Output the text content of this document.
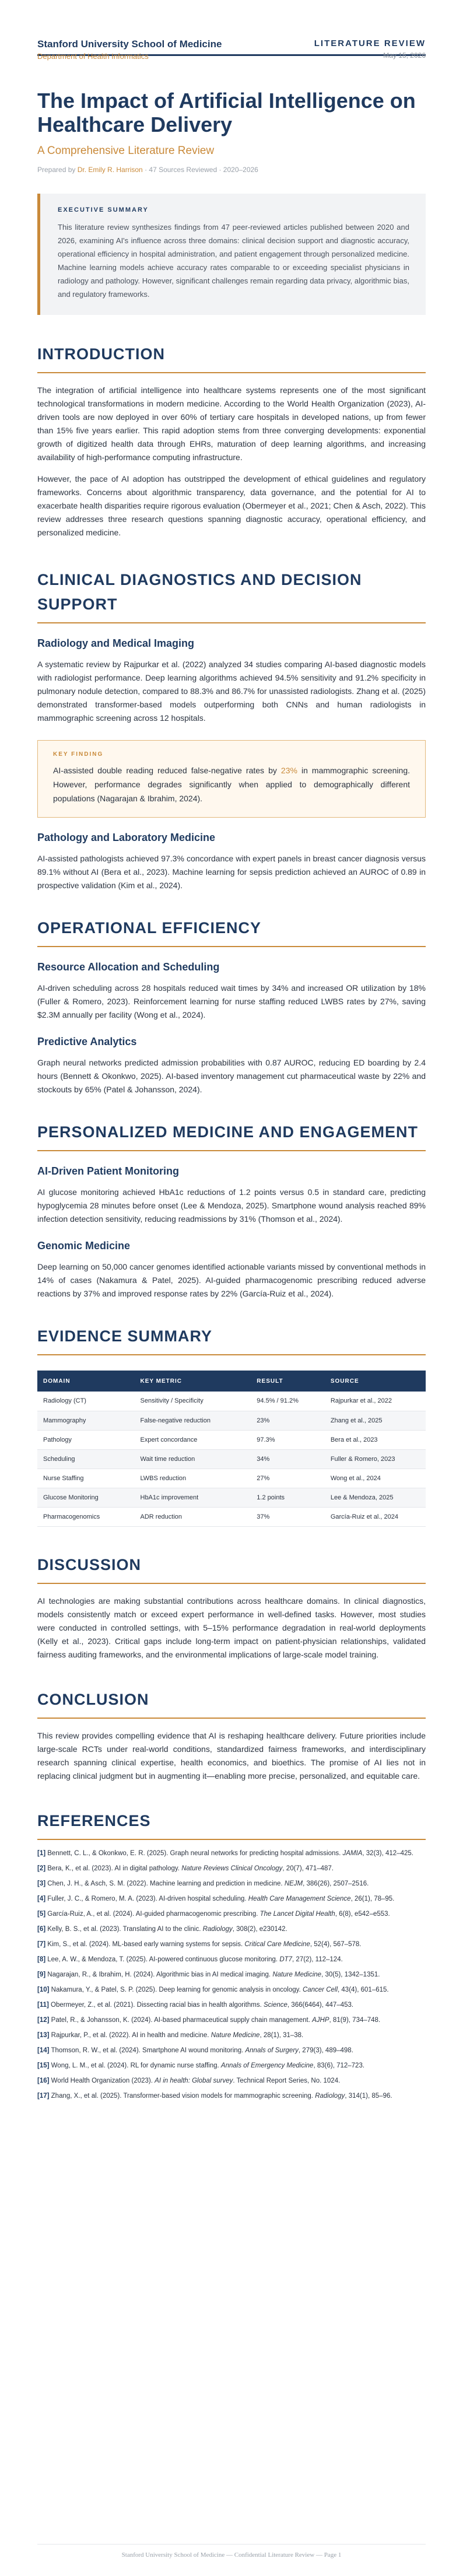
Stanford University School of Medicine
Department of Health Informatics
LITERATURE REVIEW
May 15, 2026
The Impact of Artificial Intelligence on Healthcare Delivery
A Comprehensive Literature Review
Prepared by Dr. Emily R. Harrison · 47 Sources Reviewed · 2020–2026
EXECUTIVE SUMMARY

This literature review synthesizes findings from 47 peer-reviewed articles published between 2020 and 2026, examining AI's influence across three domains: clinical decision support and diagnostic accuracy, operational efficiency in hospital administration, and patient engagement through personalized medicine. Machine learning models achieve accuracy rates comparable to or exceeding specialist physicians in radiology and pathology. However, significant challenges remain regarding data privacy, algorithmic bias, and regulatory frameworks.

INTRODUCTION

The integration of artificial intelligence into healthcare systems represents one of the most significant technological transformations in modern medicine. According to the World Health Organization (2023), AI-driven tools are now deployed in over 60% of tertiary care hospitals in developed nations, up from fewer than 15% five years earlier. This rapid adoption stems from three converging developments: exponential growth of digitized health data through EHRs, maturation of deep learning algorithms, and increasing availability of high-performance computing infrastructure.

However, the pace of AI adoption has outstripped the development of ethical guidelines and regulatory frameworks. Concerns about algorithmic transparency, data governance, and the potential for AI to exacerbate health disparities require rigorous evaluation (Obermeyer et al., 2021; Chen & Asch, 2022). This review addresses three research questions spanning diagnostic accuracy, operational efficiency, and personalized medicine.

CLINICAL DIAGNOSTICS AND DECISION SUPPORT
Radiology and Medical Imaging

A systematic review by Rajpurkar et al. (2022) analyzed 34 studies comparing AI-based diagnostic models with radiologist performance. Deep learning algorithms achieved 94.5% sensitivity and 91.2% specificity in pulmonary nodule detection, compared to 88.3% and 86.7% for unassisted radiologists. Zhang et al. (2025) demonstrated transformer-based models outperforming both CNNs and human radiologists in mammographic screening across 12 hospitals.

KEY FINDING

AI-assisted double reading reduced false-negative rates by 23% in mammographic screening. However, performance degrades significantly when applied to demographically different populations (Nagarajan & Ibrahim, 2024).

Pathology and Laboratory Medicine

AI-assisted pathologists achieved 97.3% concordance with expert panels in breast cancer diagnosis versus 89.1% without AI (Bera et al., 2023). Machine learning for sepsis prediction achieved an AUROC of 0.89 in prospective validation (Kim et al., 2024).

OPERATIONAL EFFICIENCY
Resource Allocation and Scheduling

AI-driven scheduling across 28 hospitals reduced wait times by 34% and increased OR utilization by 18% (Fuller & Romero, 2023). Reinforcement learning for nurse staffing reduced LWBS rates by 27%, saving $2.3M annually per facility (Wong et al., 2024).

Predictive Analytics

Graph neural networks predicted admission probabilities with 0.87 AUROC, reducing ED boarding by 2.4 hours (Bennett & Okonkwo, 2025). AI-based inventory management cut pharmaceutical waste by 22% and stockouts by 65% (Patel & Johansson, 2024).

PERSONALIZED MEDICINE AND ENGAGEMENT
AI-Driven Patient Monitoring

AI glucose monitoring achieved HbA1c reductions of 1.2 points versus 0.5 in standard care, predicting hypoglycemia 28 minutes before onset (Lee & Mendoza, 2025). Smartphone wound analysis reached 89% infection detection sensitivity, reducing readmissions by 31% (Thomson et al., 2024).

Genomic Medicine

Deep learning on 50,000 cancer genomes identified actionable variants missed by conventional methods in 14% of cases (Nakamura & Patel, 2025). AI-guided pharmacogenomic prescribing reduced adverse reactions by 37% and improved response rates by 22% (García-Ruiz et al., 2024).

EVIDENCE SUMMARY
DOMAIN	KEY METRIC	RESULT	SOURCE
Radiology (CT)	Sensitivity / Specificity	94.5% / 91.2%	Rajpurkar et al., 2022
Mammography	False-negative reduction	23%	Zhang et al., 2025
Pathology	Expert concordance	97.3%	Bera et al., 2023
Scheduling	Wait time reduction	34%	Fuller & Romero, 2023
Nurse Staffing	LWBS reduction	27%	Wong et al., 2024
Glucose Monitoring	HbA1c improvement	1.2 points	Lee & Mendoza, 2025
Pharmacogenomics	ADR reduction	37%	García-Ruiz et al., 2024
DISCUSSION

AI technologies are making substantial contributions across healthcare domains. In clinical diagnostics, models consistently match or exceed expert performance in well-defined tasks. However, most studies were conducted in controlled settings, with 5–15% performance degradation in real-world deployments (Kelly et al., 2023). Critical gaps include long-term impact on patient-physician relationships, validated fairness auditing frameworks, and the environmental implications of large-scale model training.

CONCLUSION

This review provides compelling evidence that AI is reshaping healthcare delivery. Future priorities include large-scale RCTs under real-world conditions, standardized fairness frameworks, and interdisciplinary research spanning clinical expertise, health economics, and bioethics. The promise of AI lies not in replacing clinical judgment but in augmenting it—enabling more precise, personalized, and equitable care.

REFERENCES
[1] Bennett, C. L., & Okonkwo, E. R. (2025). Graph neural networks for predicting hospital admissions. JAMIA, 32(3), 412–425.
[2] Bera, K., et al. (2023). AI in digital pathology. Nature Reviews Clinical Oncology, 20(7), 471–487.
[3] Chen, J. H., & Asch, S. M. (2022). Machine learning and prediction in medicine. NEJM, 386(26), 2507–2516.
[4] Fuller, J. C., & Romero, M. A. (2023). AI-driven hospital scheduling. Health Care Management Science, 26(1), 78–95.
[5] García-Ruiz, A., et al. (2024). AI-guided pharmacogenomic prescribing. The Lancet Digital Health, 6(8), e542–e553.
[6] Kelly, B. S., et al. (2023). Translating AI to the clinic. Radiology, 308(2), e230142.
[7] Kim, S., et al. (2024). ML-based early warning systems for sepsis. Critical Care Medicine, 52(4), 567–578.
[8] Lee, A. W., & Mendoza, T. (2025). AI-powered continuous glucose monitoring. DT7, 27(2), 112–124.
[9] Nagarajan, R., & Ibrahim, H. (2024). Algorithmic bias in AI medical imaging. Nature Medicine, 30(5), 1342–1351.
[10] Nakamura, Y., & Patel, S. P. (2025). Deep learning for genomic analysis in oncology. Cancer Cell, 43(4), 601–615.
[11] Obermeyer, Z., et al. (2021). Dissecting racial bias in health algorithms. Science, 366(6464), 447–453.
[12] Patel, R., & Johansson, K. (2024). AI-based pharmaceutical supply chain management. AJHP, 81(9), 734–748.
[13] Rajpurkar, P., et al. (2022). AI in health and medicine. Nature Medicine, 28(1), 31–38.
[14] Thomson, R. W., et al. (2024). Smartphone AI wound monitoring. Annals of Surgery, 279(3), 489–498.
[15] Wong, L. M., et al. (2024). RL for dynamic nurse staffing. Annals of Emergency Medicine, 83(6), 712–723.
[16] World Health Organization (2023). AI in health: Global survey. Technical Report Series, No. 1024.
[17] Zhang, X., et al. (2025). Transformer-based vision models for mammographic screening. Radiology, 314(1), 85–96.
Stanford University School of Medicine — Confidential Literature Review — Page 1
